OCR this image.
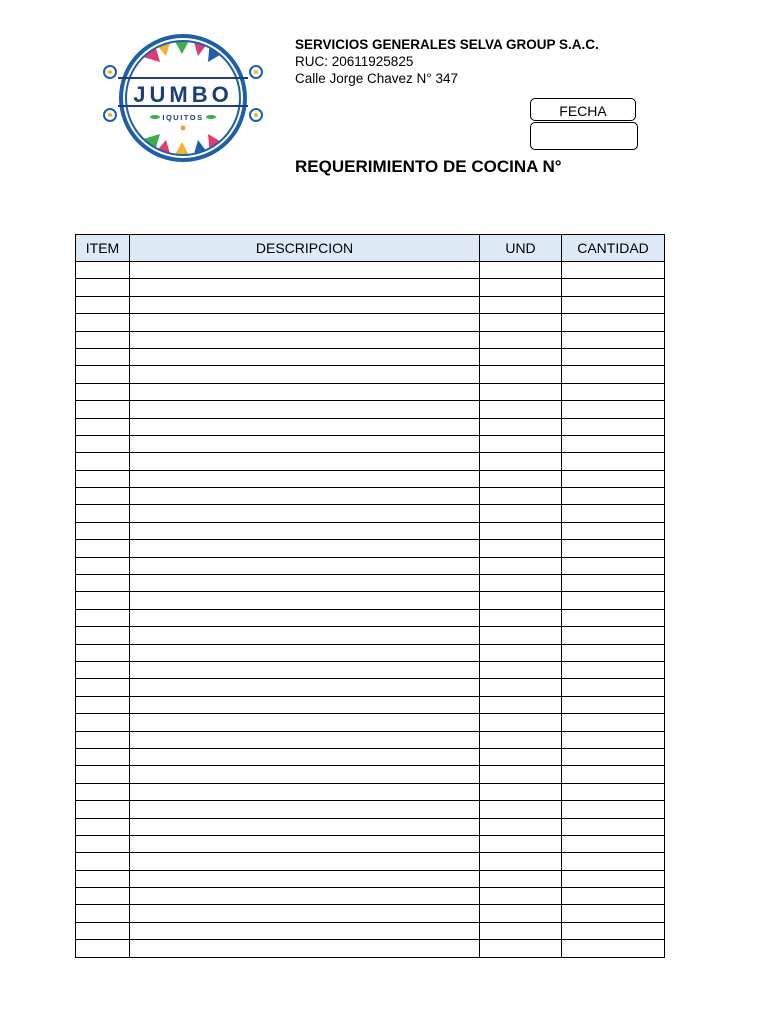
JUMBO
IQUITOS
SERVICIOS GENERALES SELVA GROUP S.A.C.
RUC: 20611925825
Calle Jorge Chavez N° 347
FECHA
REQUERIMIENTO DE COCINA N°
ITEM	DESCRIPCION	UND	CANTIDAD
